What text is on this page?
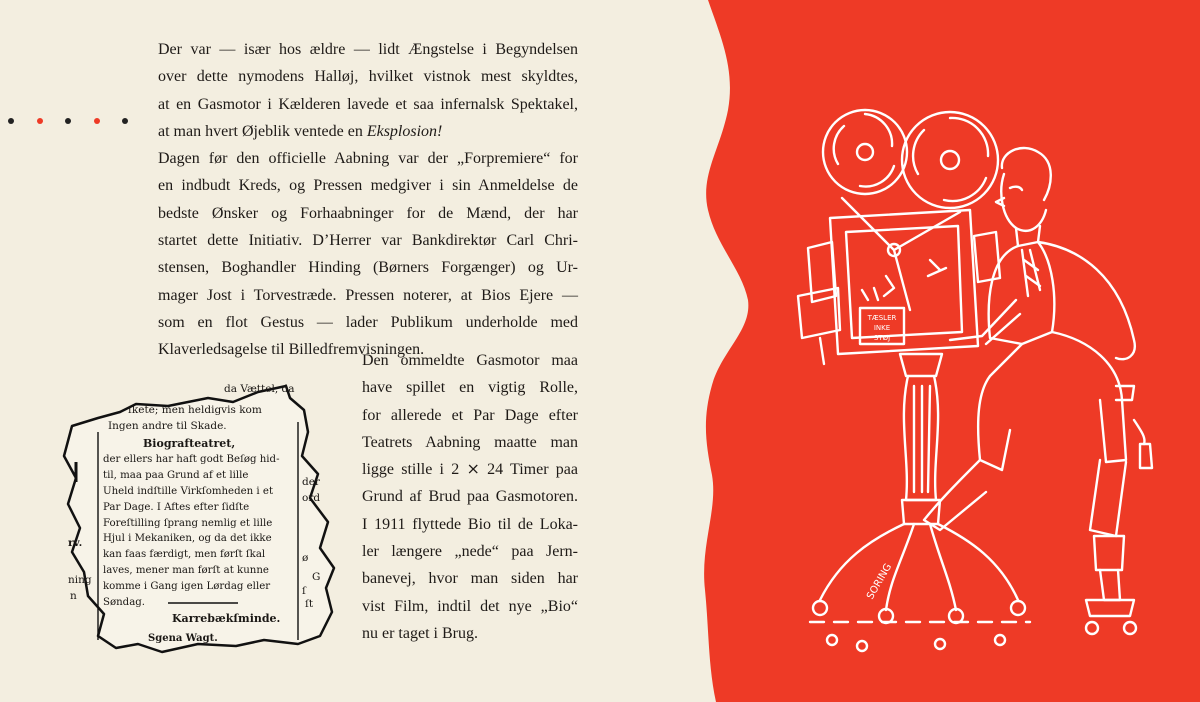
Der var — især hos ældre — lidt Ængstelse i Begyndelsen
over dette nymodens Halløj, hvilket vistnok mest skyldtes,
at en Gasmotor i Kælderen lavede et saa infernalsk Spektakel,
at man hvert Øjeblik ventede en Eksplosion!
Dagen før den officielle Aabning var der „Forpremiere“ for
en indbudt Kreds, og Pressen medgiver i sin Anmeldelse de
bedste Ønsker og Forhaabninger for de Mænd, der har
startet dette Initiativ. D’Herrer var Bankdirektør Carl Chri-
stensen, Boghandler Hinding (Børners Forgænger) og Ur-
mager Jost i Torvestræde. Pressen noterer, at Bios Ejere —
som en flot Gestus — lader Publikum underholde med
Klaverledsagelse til Billedfremvisningen.
Den ommeldte Gasmotor maa
have spillet en vigtig Rolle,
for allerede et Par Dage efter
Teatrets Aabning maatte man
ligge stille i 2 ⨯ 24 Timer paa
Grund af Brud paa Gasmotoren.
I 1911 flyttede Bio til de Loka-
ler længere „nede“ paa Jern-
banevej, hvor man siden har
vist Film, indtil det nye „Bio“
nu er taget i Brug.
da Vættel, da
ſkete; men heldigvis kom
Ingen andre til Skade.
Biografteatret,
der ellers har haft godt Beſøg hid-
til, maa paa Grund af et lille
Uheld indſtille Virkſomheden i et
Par Dage. I Aftes efter ſidſte
Foreſtilling ſprang nemlig et lille
Hjul i Mekaniken, og da det ikke
kan faas færdigt, men førſt ſkal
laves, mener man førſt at kunne
komme i Gang igen Lørdag eller
Søndag.
rv.
ning
n
der
ord
G
ø
ſt
ſ
Karrebækſminde.
Sgena Wagt.
TÆSLER
INKE
STØJ
SORING
